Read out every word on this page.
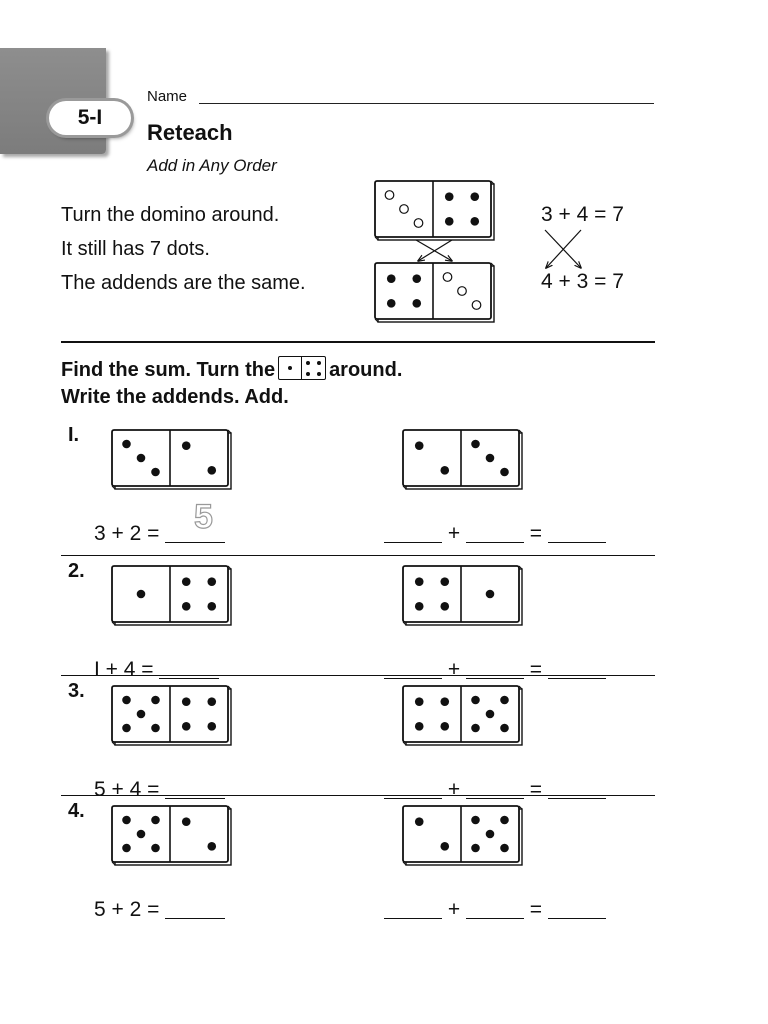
5-I
Name
Reteach
Add in Any Order
Turn the domino around.
It still has 7 dots.
The addends are the same.
3 + 4 = 7
4 + 3 = 7
Find the sum. Turn the	around.
Write the addends. Add.
I.
3 + 2 =	+	=
5
2.
I + 4 =	+	=
3.
5 + 4 =	+	=
4.
5 + 2 =	+	=
